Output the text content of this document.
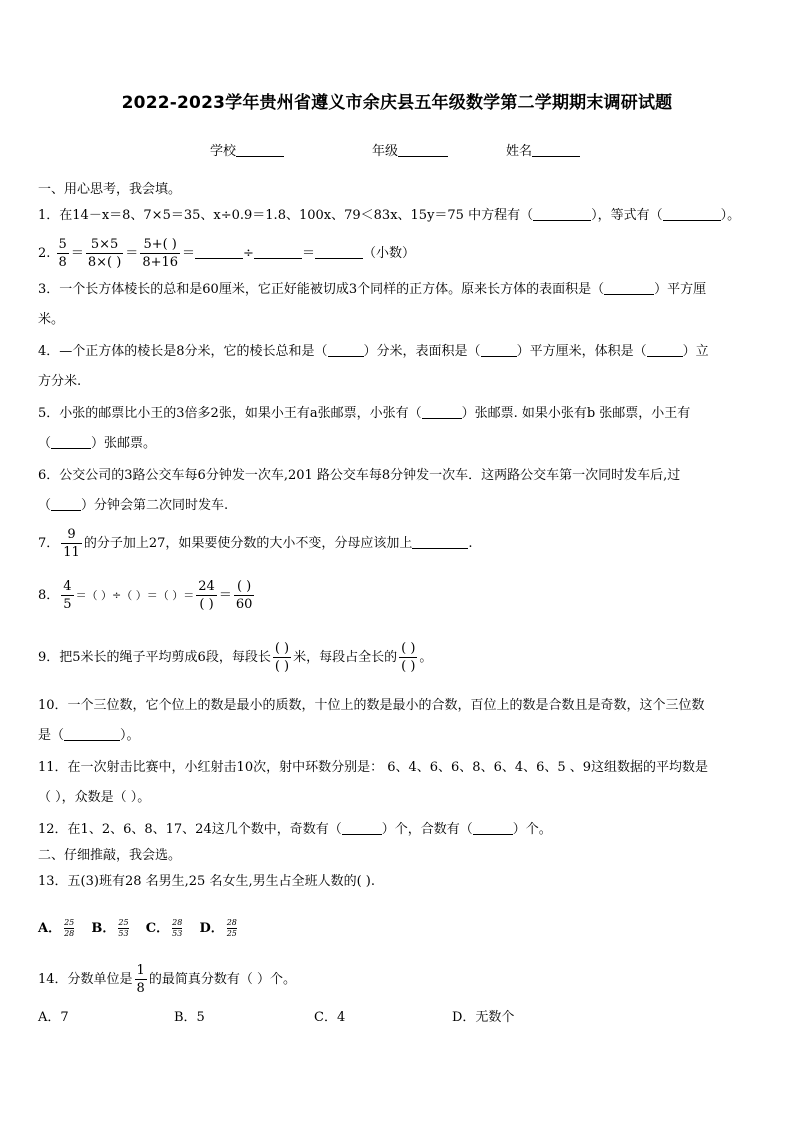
2022-2023学年贵州省遵义市余庆县五年级数学第二学期期末调研试题
学校	年级	姓名
一、用心思考，我会填。
1．在14－x＝8、7×5＝35、x÷0.9＝1.8、100x、79＜83x、15y＝75 中方程有（	），等式有（	）。
2. $\frac{5}{8} = \frac{5\times 5}{8\times( )} = \frac{5+( )}{8+16}$ ＝	÷	＝	（小数）
3．一个长方体棱长的总和是60厘米，它正好能被切成3个同样的正方体。原来长方体的表面积是（	）平方厘
米。
4．—个正方体的棱长是8分米，它的棱长总和是（	）分米，表面积是（	）平方厘米，体积是（	）立
方分米.
5．小张的邮票比小王的3倍多2张，如果小王有a张邮票，小张有（	）张邮票. 如果小张有b 张邮票，小王有
（	）张邮票。
6．公交公司的3路公交车每6分钟发一次车,201 路公交车每8分钟发一次车．这两路公交车第一次同时发车后,过
（ ）分钟会第二次同时发车.
7． $\frac{9}{11}$ 的分子加上27，如果要使分数的大小不变，分母应该加上	.
8． $\frac{4}{5}$ ＝（ ）÷（ ）＝（ ）＝ $\frac{24}{( )} = \frac{( )}{60}$
9．把5米长的绳子平均剪成6段，每段长 $\frac{( )}{( )}$ 米，每段占全长的 $\frac{( )}{( )}$ 。
10．一个三位数，它个位上的数是最小的质数，十位上的数是最小的合数，百位上的数是合数且是奇数，这个三位数
是（	）。
11．在一次射击比赛中，小红射击10次，射中环数分别是： 6、4、6、6、8、6、4、6、5 、9这组数据的平均数是
（ ），众数是（ ）。
12．在1、2、6、8、17、24这几个数中，奇数有（	）个，合数有（	）个。
二、仔细推敲，我会选。
13．五(3)班有28 名男生,25 名女生,男生占全班人数的( ).
A． $\frac{25}{28}$ B． $\frac{25}{53}$ C． $\frac{28}{53}$ D． $\frac{28}{25}$
14．分数单位是 $\frac{1}{8}$ 的最简真分数有（ ）个。
A．7	B．5	C．4	D．无数个
